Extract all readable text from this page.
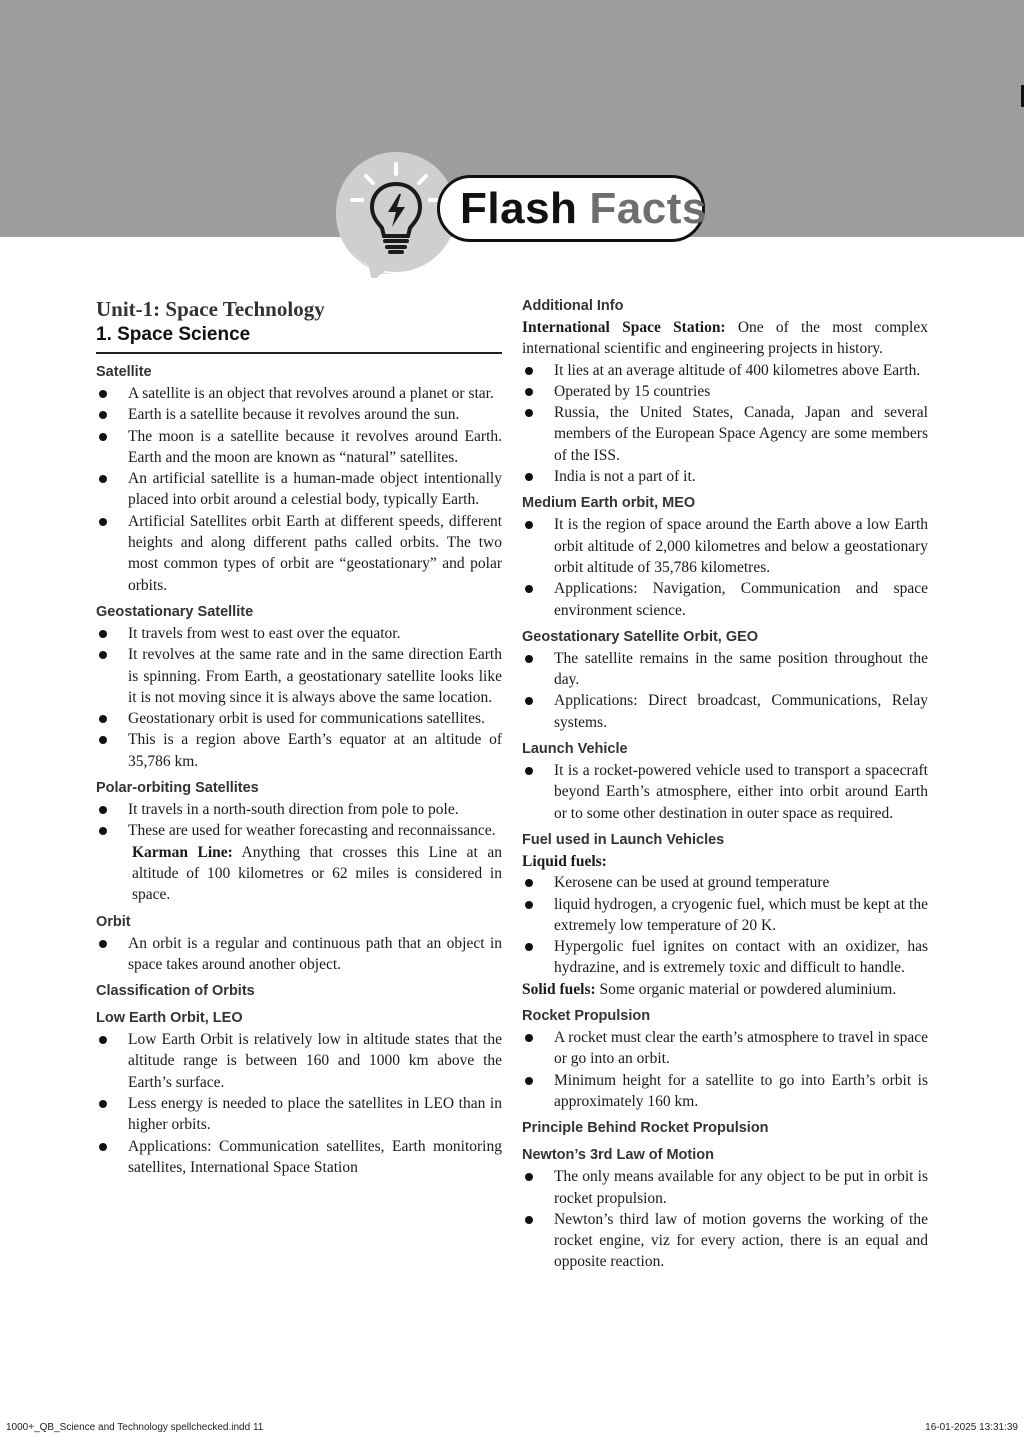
Flash Facts
Unit-1: Space Technology
1. Space Science
Satellite
A satellite is an object that revolves around a planet or star.
Earth is a satellite because it revolves around the sun.
The moon is a satellite because it revolves around Earth. Earth and the moon are known as “natural” satellites.
An artificial satellite is a human-made object intentionally placed into orbit around a celestial body, typically Earth.
Artificial Satellites orbit Earth at different speeds, different heights and along different paths called orbits. The two most common types of orbit are “geostationary” and polar orbits.
Geostationary Satellite
It travels from west to east over the equator.
It revolves at the same rate and in the same direction Earth is spinning. From Earth, a geostationary satellite looks like it is not moving since it is always above the same location.
Geostationary orbit is used for communications satellites.
This is a region above Earth’s equator at an altitude of 35,786 km.
Polar-orbiting Satellites
It travels in a north-south direction from pole to pole.
These are used for weather forecasting and reconnaissance.

Karman Line: Anything that crosses this Line at an altitude of 100 kilometres or 62 miles is considered in space.

Orbit
An orbit is a regular and continuous path that an object in space takes around another object.
Classification of Orbits
Low Earth Orbit, LEO
Low Earth Orbit is relatively low in altitude states that the altitude range is between 160 and 1000 km above the Earth’s surface.
Less energy is needed to place the satellites in LEO than in higher orbits.
Applications: Communication satellites, Earth monitoring satellites, International Space Station
Additional Info

International Space Station: One of the most complex international scientific and engineering projects in history.

It lies at an average altitude of 400 kilometres above Earth.
Operated by 15 countries
Russia, the United States, Canada, Japan and several members of the European Space Agency are some members of the ISS.
India is not a part of it.
Medium Earth orbit, MEO
It is the region of space around the Earth above a low Earth orbit altitude of 2,000 kilometres and below a geostationary orbit altitude of 35,786 kilometres.
Applications: Navigation, Communication and space environment science.
Geostationary Satellite Orbit, GEO
The satellite remains in the same position throughout the day.
Applications: Direct broadcast, Communications, Relay systems.
Launch Vehicle
It is a rocket-powered vehicle used to transport a spacecraft beyond Earth’s atmosphere, either into orbit around Earth or to some other destination in outer space as required.
Fuel used in Launch Vehicles

Liquid fuels:

Kerosene can be used at ground temperature
liquid hydrogen, a cryogenic fuel, which must be kept at the extremely low temperature of 20 K.
Hypergolic fuel ignites on contact with an oxidizer, has hydrazine, and is extremely toxic and difficult to handle.

Solid fuels: Some organic material or powdered aluminium.

Rocket Propulsion
A rocket must clear the earth’s atmosphere to travel in space or go into an orbit.
Minimum height for a satellite to go into Earth’s orbit is approximately 160 km.
Principle Behind Rocket Propulsion
Newton’s 3rd Law of Motion
The only means available for any object to be put in orbit is rocket propulsion.
Newton’s third law of motion governs the working of the rocket engine, viz for every action, there is an equal and opposite reaction.
1000+_QB_Science and Technology spellchecked.indd 11	16-01-2025 13:31:39
